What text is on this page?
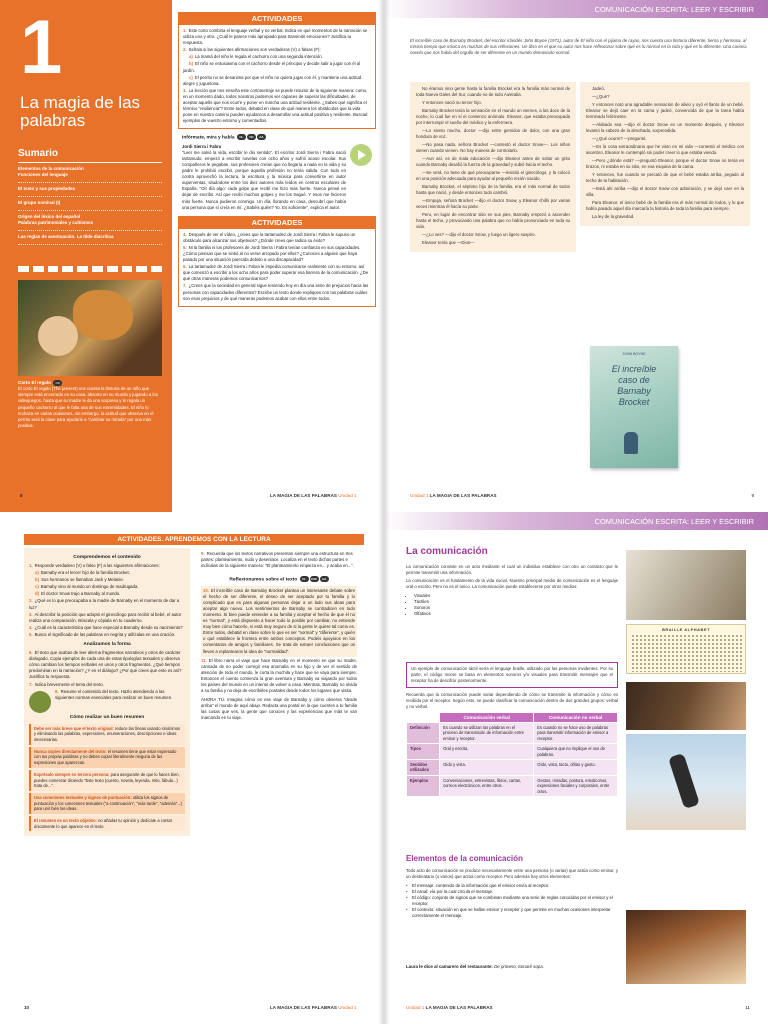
1
La magia de las palabras
Sumario
Elementos de la comunicación
Funciones del lenguaje
El texto y sus propiedades
El grupo nominal (I)
Origen del léxico del español
Palabras patrimoniales y cultismos
Las reglas de acentuación. La tilde diacrítica
Corto El regalo CD
El corto El regalo (The present) nos cuenta la historia de un niño que siempre está encerrado en su casa, absorto en su mundo y jugando a los videojuegos, hasta que su madre le da una sorpresa y le regala un pequeño cachorro al que le falta una de sus extremidades. El niño lo rechaza en varias ocasiones, sin embargo, la actitud que observa en el perrito será la clave para ayudarle a "cambiar su mirada" por una más positiva.
ACTIVIDADES
1. Este corto combina el lenguaje verbal y no verbal. Indica en qué momentos de la narración se utiliza uno y otro. ¿Cuál le parece más apropiado para transmitir emociones? Justifica tu respuesta.
2. Señala si las siguientes afirmaciones son verdaderas (V) o falsas (F):
a) La mamá del niño le regala el cachorro con una segunda intención.
b) El niño se entusiasma con el cachorro desde el principio y decide salir a jugar con él al jardín.
c) El perrito no se desanima por que el niño no quiera jugar con él, y mantiene una actitud alegre y juguetona.
3. La lección que nos enseña este cortometraje se puede resumir de la siguiente manera: como, en un momento dado, todos nosotros podemos ser capaces de superar las dificultades, de aceptar aquello que nos ocurre y poner en marcha una actitud resiliente. ¿Sabes qué significa el término "resiliencia"? Entre todos, debatid en clase de qué manera los obstáculos que la vida pone en nuestro camino pueden ayudarnos a desarrollar una actitud positiva y resiliente. Buscad ejemplos de vuestro entorno y comentadlos.
Infórmate, mira y habla CL CD AA
Jordi Sierra i Fabra
"Leer me salvó la vida, escribir le dio sentido". El escritor Jordi Sierra i Fabra nació tartamudo, empezó a escribir novelas con ocho años y sufrió acoso escolar. Sus compañeros le pegaban, sus profesores creían que no llegaría a nada en la vida y su padre le prohibió escribir, porque aquella profesión no tenía salida. Con todo en contra aprovechó la lectura, la escritura y la música para convertirse en autor superventas, situándose entre los diez autores más leídos en centros escolares de España. "Oír día algo: cada golpe que recibí me hizo más fuerte. Nunca pensé en dejar de escribir. Así que recibí muchos golpes y me los tragué. Y esos me hicieron más fuerte. Nunca pudieron conmigo. Un día, llorando en casa, descubrí que había una persona que sí creía en mí. ¿Sabéis quién? Yo. Es suficiente", explica el autor.
ACTIVIDADES
4. Después de ver el vídeo, ¿crees que la tartamudez de Jordi Sierra i Fabra le supuso un obstáculo para alcanzar sus objetivos? ¿Dónde crees que radica su éxito?
5. Ni la familia ni los profesores de Jordi Sierra i Fabra tenían confianza en sus capacidades. ¿Cómo piensas que se sintió al no verse arropado por ellos? ¿Conoces a alguien que haya pasado por una situación parecida debido a una discapacidad?
6. La tartamudez de Jordi Sierra i Fabra le impedía comunicarse oralmente con su entorno, así que comenzó a escribir a los ocho años para poder superar esa barrera de la comunicación. ¿De qué otras maneras podemos comunicarnos?
7. ¿Crees que la sociedad en general sigue teniendo hoy en día una serie de prejuicios hacia las personas con capacidades diferentes? Escribe un texto donde expliques con tus palabras cuáles son esos prejuicios y de qué maneras podemos acabar con ellos entre todos.
8	LA MAGIA DE LAS PALABRAS Unidad 1
COMUNICACIÓN ESCRITA: LEER Y ESCRIBIR
El increíble caso de Barnaby Brocket, del escritor irlandés John Boyne (1971), autor de El niño con el pijama de rayas, nos cuenta una historia diferente, tierna y hermosa, al mismo tiempo que irónica en muchas de sus reflexiones. Un libro en el que su autor nos hace reflexionar sobre qué es lo normal en la vida y qué es lo diferente. Una curiosa novela que nos habla del orgullo de ser diferente en un mundo demasiado normal.

No éramos sino gente hasta la familia Brocket era la familia más normal de toda Nueva Gales del Sur, cuando no de todo Australia.

Y entonces nació su tercer hijo.

Barnaby Brocket tenía la sensación en el mundo un viernes, a las doce de la noche, lo cual fue en sí el comienzo anómalo. Eleanor, que estaba preocupada por interrumpir el sueño del médico y la enfermera.

—Lo siento mucho, doctor —dijo entre gemidos de dolor, con una gran hondura de voz.

—No pasa nada, señora Brocket —contestó el doctor Snow—. Los niños vienen cuando vienen. No hay manera de controlarlo.

—Aun así, es de mala educación —dijo Eleanor antes de soltar un grito cuando Barnaby desafió la fuerza de la gravedad y subió hacia el techo.

—Se verá, no tiene de qué preocuparse —insistió el ginecólogo, y la colocó en una posición adecuada para ayudar al pequeño recién nacido.

Barnaby Brocket, el séptimo hijo de la familia, era el más normal de todos hasta que nació, y desde entonces todo cambió.

—Empuja, señora Brocket —dijo el doctor Snow, y Eleanor chilló por varias veces mientras él hacía su parte.

Pero, en lugar de encontrar sitio en sus pies, Barnaby empezó a ascender hasta el techo, y provocando una palabra que no había pronunciado en toda su vida.

—¿Lo ves? —dijo el doctor Snow, y luego un ligero suspiro.

Eleanor tenía que —Dios—

Jadeó.

—¿Qué?

Y entonces notó una agradable sensación de alivio y oyó el llanto de un bebé. Eleanor se dejó caer en la cama y jadeó, convencida de que la tarea había terminado felizmente.

—Alabado sea —dijo el doctor Snow en un momento después, y Eleanor levantó la cabeza de la almohada, sorprendida.

—¿Qué ocurre? —preguntó.

—Es la cosa extraordinaria que he visto en mi vida —contestó el médico con asombro. Eleanor le contempló sin poder creer lo que estaba viendo.

—Pero ¿dónde está? —preguntó Eleanor, porque el doctor Snow no tenía en brazos, ni estaba en su sitio, en esa esquina de la cama.

Y entonces, fue cuando se percató de que el bebé estaba arriba, pegado al techo de la habitación.

—Está ahí arriba —dijo el doctor Snow con admiración, y se dejó caer en la silla.

Para Eleanor, el único bebé de la familia era el más normal de todos, y lo que había pasado aquel día marcaría la historia de toda la familia para siempre.

La ley de la gravedad.

JOHN BOYNE
El increíble caso de Barnaby Brocket
Unidad 1 LA MAGIA DE LAS PALABRAS	9
ACTIVIDADES. APRENDEMOS CON LA LECTURA
Comprendemos el contenido
1. Responde verdadero (V) o falso (F) a las siguientes afirmaciones:
a) Barnaby era el tercer hijo de la familia Brocket.
b) Sus hermanos se llamaban Jack y Melanie.
c) Barnaby vino al mundo un domingo de madrugada.
d) El doctor Snow trajo a Barnaby al mundo.
2. ¿Qué es lo que preocupaba a la madre de Barnaby en el momento de dar a luz?
3. Al describir la posición que adoptó el ginecólogo para recibir al bebé, el autor realiza una comparación. Búscala y cópiala en tu cuaderno.
4. ¿Cuál es la característica que hace especial a Barnaby desde su nacimiento?
5. Busca el significado de las palabras en negrita y utilízalas en una oración.
Analizamos la forma
6. El texto que acabas de leer alterna fragmentos narrativos y otros de carácter dialogado. Copia ejemplos de cada una de estas tipologías textuales y observa cómo cambian los tiempos verbales en unos y otros fragmentos. ¿Qué tiempos predominan en la narración? ¿Y en el diálogo? ¿Por qué crees que esto es así? Justifica tu respuesta.
7. Indica brevemente el tema del texto.
8. Resume el contenido del texto. Hazlo atendiendo a las siguientes normas esenciales para realizar un buen resumen.
Cómo realizar un buen resumen
Debe ser más breve que el texto original: reduce las líneas usando sinónimos y eliminando las palabras, expresiones, enumeraciones, descripciones e ideas innecesarias.
Nunca copies directamente del texto: el resumen tiene que estar expresado con tus propias palabras y no debes copiar literalmente ninguna de las expresiones que aparezcan.
Exprésalo siempre en tercera persona: para asegurarte de que lo haces bien, puedes comenzar diciendo "Este texto (cuento, novela, leyenda, mito, fábula...) trata de...".
Usa conectores textuales y signos de puntuación: utiliza los signos de puntuación y los conectores textuales ("a continuación", "más tarde", "además"...) para unir bien las ideas.
El resumen es un texto objetivo: no añadas tu opinión y dedícate a contar únicamente lo que aparece en el texto.
9. Recuerda que los textos narrativos presentan siempre una estructura en tres partes: planteamiento, nudo y desenlace. Localiza en el texto dichas partes e indícalas de la siguiente manera: "El planteamiento empieza en... y acaba en...".
Reflexionamos sobre el texto CL CSC AA
10. El increíble caso de Barnaby Brocket plantea un interesante debate sobre el hecho de ser diferente, el deseo de ser aceptado por tu familia y lo complicado que es para algunas personas dejar a un lado sus ideas para aceptar algo nuevo. Los sentimientos de Barnaby se contradicen en todo momento. Si bien puede entender a su familia y aceptar el hecho de que él no es "normal", y está dispuesto a hacer todo lo posible por cambiar, no entiende muy bien cómo hacerlo, ni está muy seguro de si la gente le quiere tal como es. Entre todos, debatid en clase sobre lo que es ser "normal" y "diferente", y quién o qué establece la frontera entre ambos conceptos. Podéis apoyaros en los comentarios de amigos y familiares. Se trata de extraer conclusiones que os lleven a replantearos la idea de "normalidad".
11. El libro narra el viaje que hace Barnaby en el momento en que su madre, cansada de no poder corregir esa anomalía en su hijo y de ver el sentido de atención de todo el mundo, le corta la mochila y hace que se vaya para siempre. Entonces el cuento comienza la gran aventura y Barnaby va viajando por todos los países del mundo en un intento de volver a casa. Mientras, Barnaby no olvida a su familia y no deja de escribirles postales desde todos los lugares que visita.
AHORA TÚ. Imagina cómo es ese viaje de Barnaby y cómo observa "desde arriba" el mundo de aquí abajo. Redacta una postal en la que cuentes a tu familia las cosas que ves, la gente que conoces y las experiencias que más te van marcando en tu viaje.
10	LA MAGIA DE LAS PALABRAS Unidad 1
COMUNICACIÓN ESCRITA: LEER Y ESCRIBIR
La comunicación

La comunicación consiste en un acto mediante el cual un individuo establece con otro un contacto que le permite transmitir una información.

La comunicación es el fundamento de la vida social. Nuestro principal medio de comunicación es el lenguaje oral o escrito. Pero no es el único. La comunicación puede establecerse por otros medios:

• Visuales
• Táctiles
• Sonoros
• Olfativos
BRAILLE ALPHABET
Un ejemplo de comunicación táctil sería el lenguaje braille, utilizado por las personas invidentes. Por su parte, el código morse se basa en elementos sonoros y/o visuales para transmitir mensajes que el receptor ha de descifrar posteriormente.
Recuerda que la comunicación puede variar dependiendo de cómo se transmite la información y cómo es recibida por el receptor. Según esto, se puede clasificar la comunicación dentro de dos grandes grupos: verbal y no verbal.
	Comunicación verbal	Comunicación no verbal
Definición	Es cuando se utilizan las palabras en el proceso de transmisión de información entre emisor y receptor.	Es cuando no se hace uso de palabras para transmitir información de emisor a receptor.
Tipos	Oral y escrita.	Cualquiera que no implique el uso de palabras.
Sentidos utilizados	Oído y vista.	Oído, vista, tacto, olfato y gusto.
Ejemplos	Conversaciones, entrevistas, libros, cartas, correos electrónicos, entre otros.	Gestos, miradas, postura, emoticonos, expresiones faciales y corporales, entre otros.
Elementos de la comunicación
Todo acto de comunicación se produce necesariamente entre una persona (o varias) que actúa como emisor, y un destinatario (o varios) que actúa como receptor. Pero además hay otros elementos:
• El mensaje: contenido de la información que el emisor envía al receptor.
• El canal: vía por la cual circula el mensaje.
• El código: conjunto de signos que se combinan mediante una serie de reglas conocidas por el emisor y el receptor.
• El contexto: situación en que se hallan emisor y receptor y que permite en muchas ocasiones interpretar correctamente el mensaje.
Laura le dice al camarero del restaurante: De primero, tomaré sopa.
Unidad 1 LA MAGIA DE LAS PALABRAS	11
